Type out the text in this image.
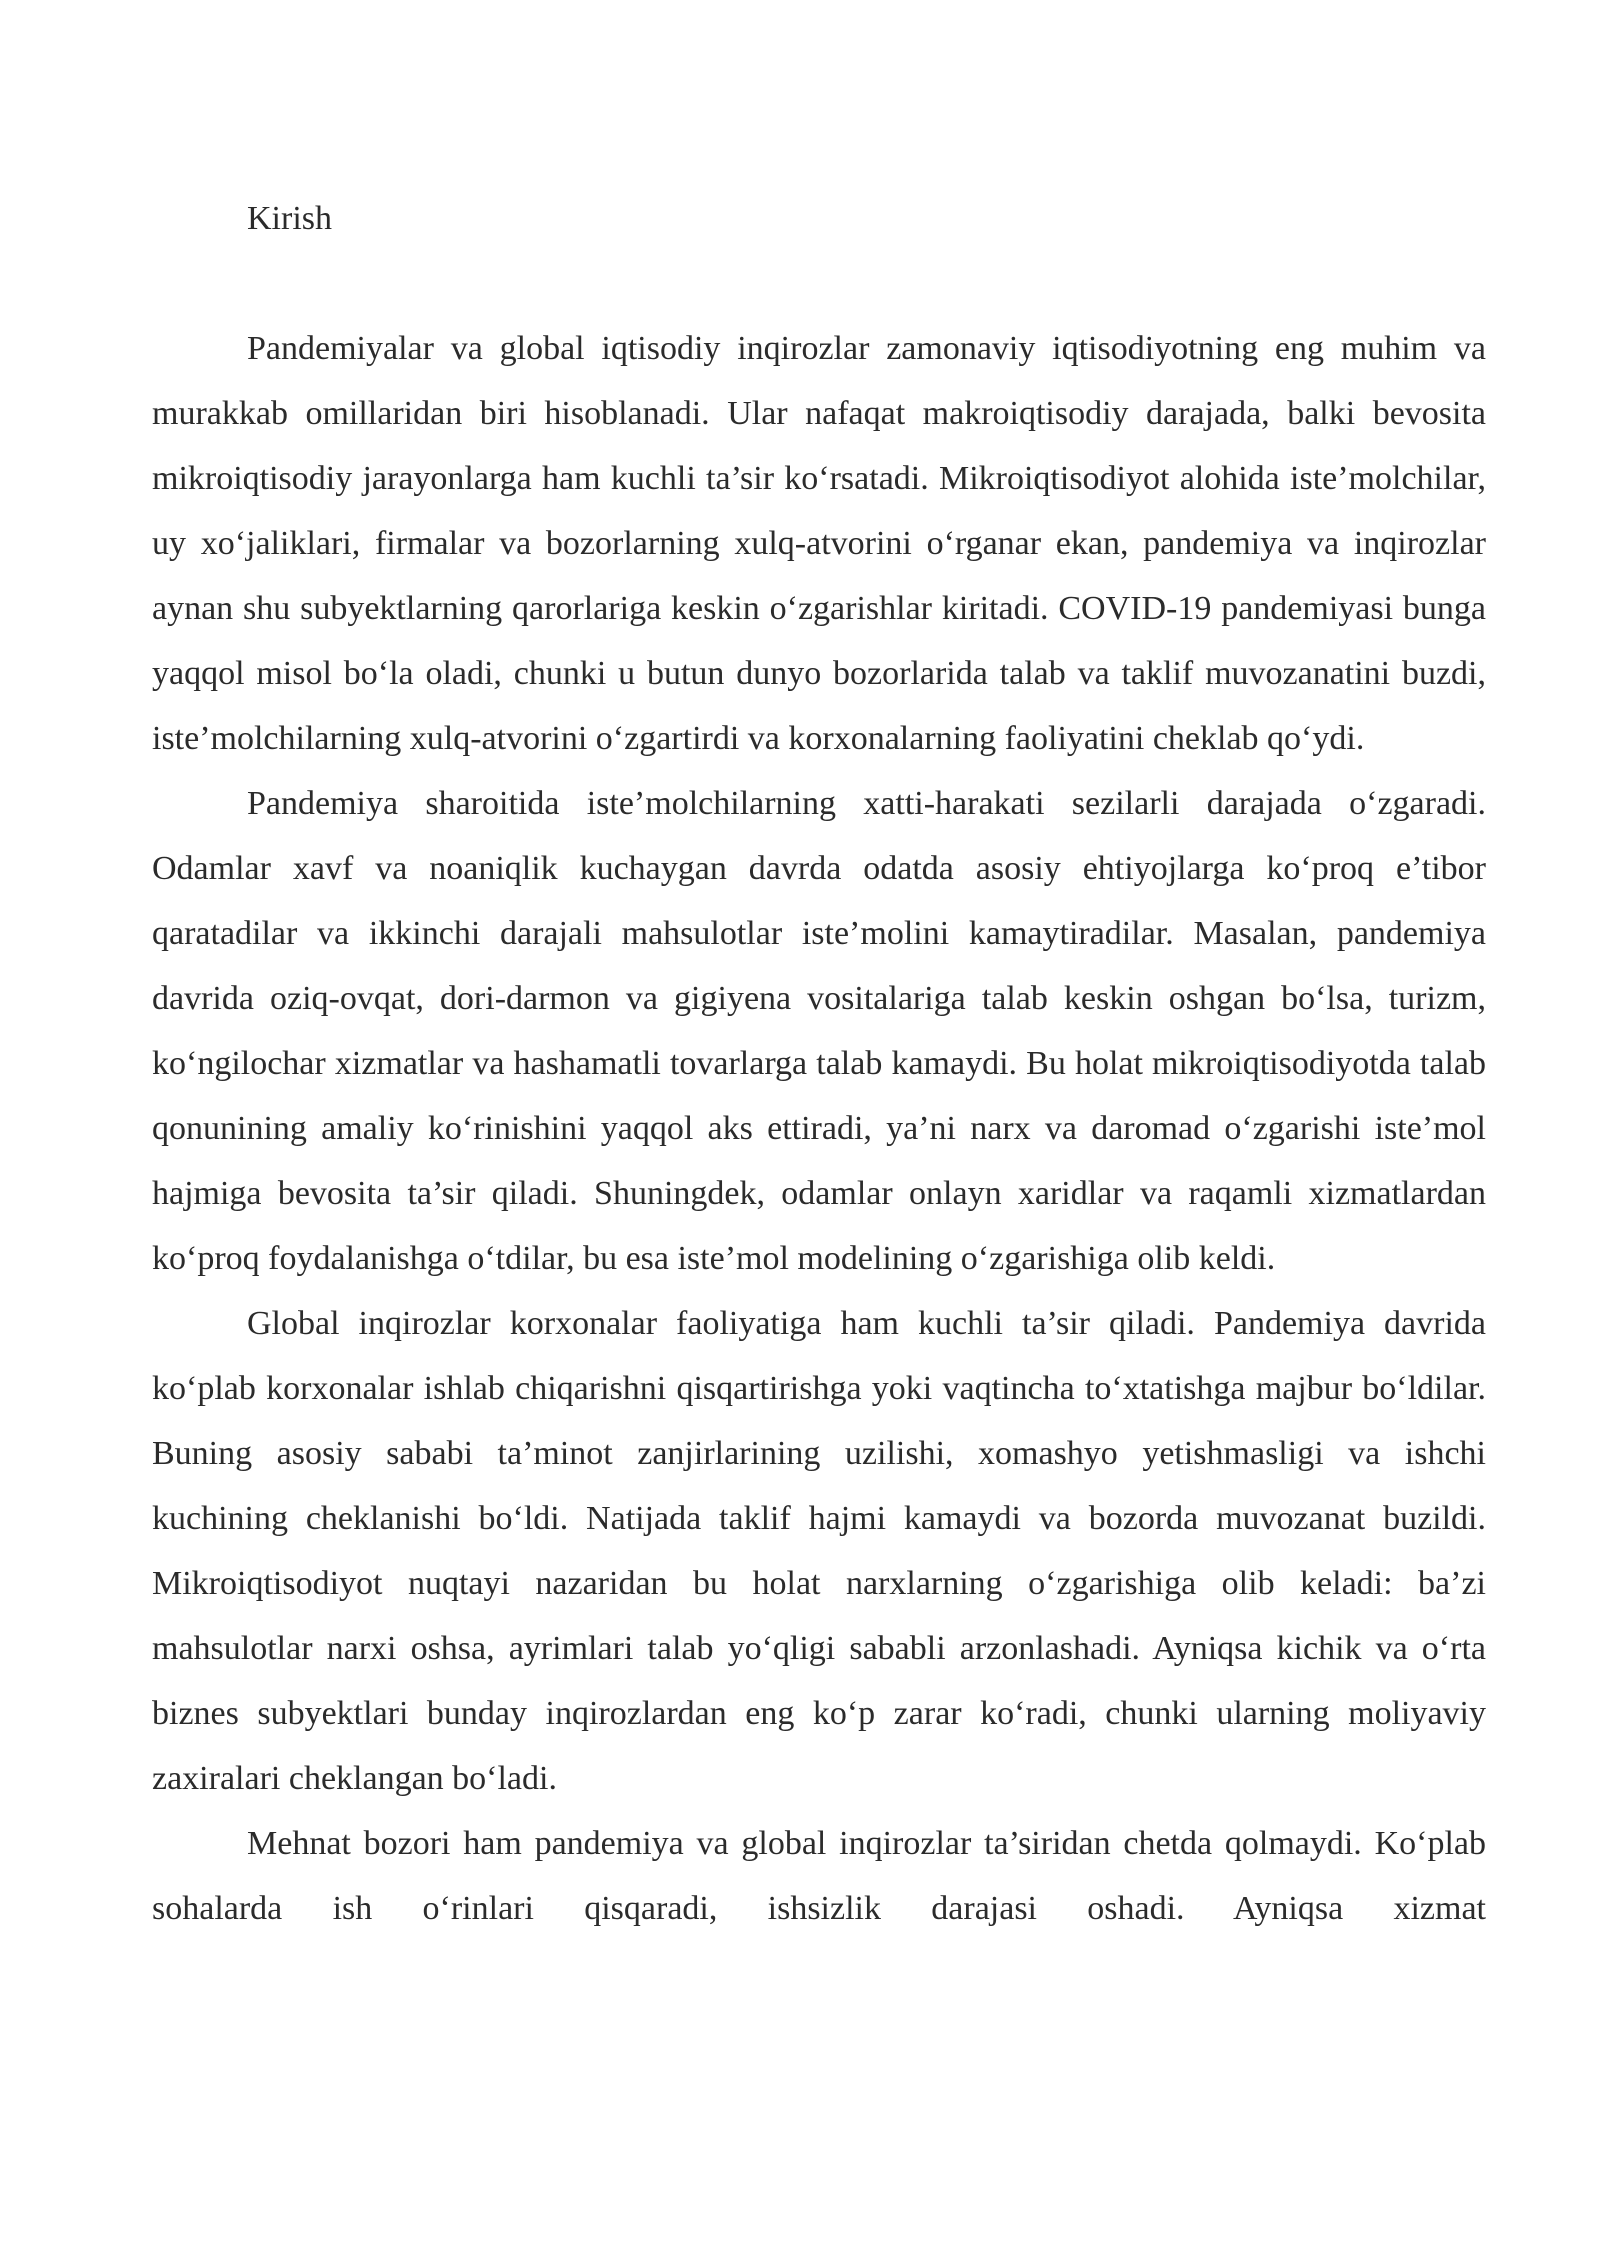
Kirish

Pandemiyalar va global iqtisodiy inqirozlar zamonaviy iqtisodiyotning eng muhim va murakkab omillaridan biri hisoblanadi. Ular nafaqat makroiqtisodiy darajada, balki bevosita mikroiqtisodiy jarayonlarga ham kuchli ta’sir ko‘rsatadi. Mikroiqtisodiyot alohida iste’molchilar, uy xo‘jaliklari, firmalar va bozorlarning xulq-atvorini o‘rganar ekan, pandemiya va inqirozlar aynan shu subyektlarning qarorlariga keskin o‘zgarishlar kiritadi. COVID-19 pandemiyasi bunga yaqqol misol bo‘la oladi, chunki u butun dunyo bozorlarida talab va taklif muvozanatini buzdi, iste’molchilarning xulq-atvorini o‘zgartirdi va korxonalarning faoliyatini cheklab qo‘ydi.

Pandemiya sharoitida iste’molchilarning xatti-harakati sezilarli darajada o‘zgaradi. Odamlar xavf va noaniqlik kuchaygan davrda odatda asosiy ehtiyojlarga ko‘proq e’tibor qaratadilar va ikkinchi darajali mahsulotlar iste’molini kamaytiradilar. Masalan, pandemiya davrida oziq-ovqat, dori-darmon va gigiyena vositalariga talab keskin oshgan bo‘lsa, turizm, ko‘ngilochar xizmatlar va hashamatli tovarlarga talab kamaydi. Bu holat mikroiqtisodiyotda talab qonunining amaliy ko‘rinishini yaqqol aks ettiradi, ya’ni narx va daromad o‘zgarishi iste’mol hajmiga bevosita ta’sir qiladi. Shuningdek, odamlar onlayn xaridlar va raqamli xizmatlardan ko‘proq foydalanishga o‘tdilar, bu esa iste’mol modelining o‘zgarishiga olib keldi.

Global inqirozlar korxonalar faoliyatiga ham kuchli ta’sir qiladi. Pandemiya davrida ko‘plab korxonalar ishlab chiqarishni qisqartirishga yoki vaqtincha to‘xtatishga majbur bo‘ldilar. Buning asosiy sababi ta’minot zanjirlarining uzilishi, xomashyo yetishmasligi va ishchi kuchining cheklanishi bo‘ldi. Natijada taklif hajmi kamaydi va bozorda muvozanat buzildi. Mikroiqtisodiyot nuqtayi nazaridan bu holat narxlarning o‘zgarishiga olib keladi: ba’zi mahsulotlar narxi oshsa, ayrimlari talab yo‘qligi sababli arzonlashadi. Ayniqsa kichik va o‘rta biznes subyektlari bunday inqirozlardan eng ko‘p zarar ko‘radi, chunki ularning moliyaviy zaxiralari cheklangan bo‘ladi.

Mehnat bozori ham pandemiya va global inqirozlar ta’siridan chetda qolmaydi. Ko‘plab sohalarda ish o‘rinlari qisqaradi, ishsizlik darajasi oshadi. Ayniqsa xizmat
